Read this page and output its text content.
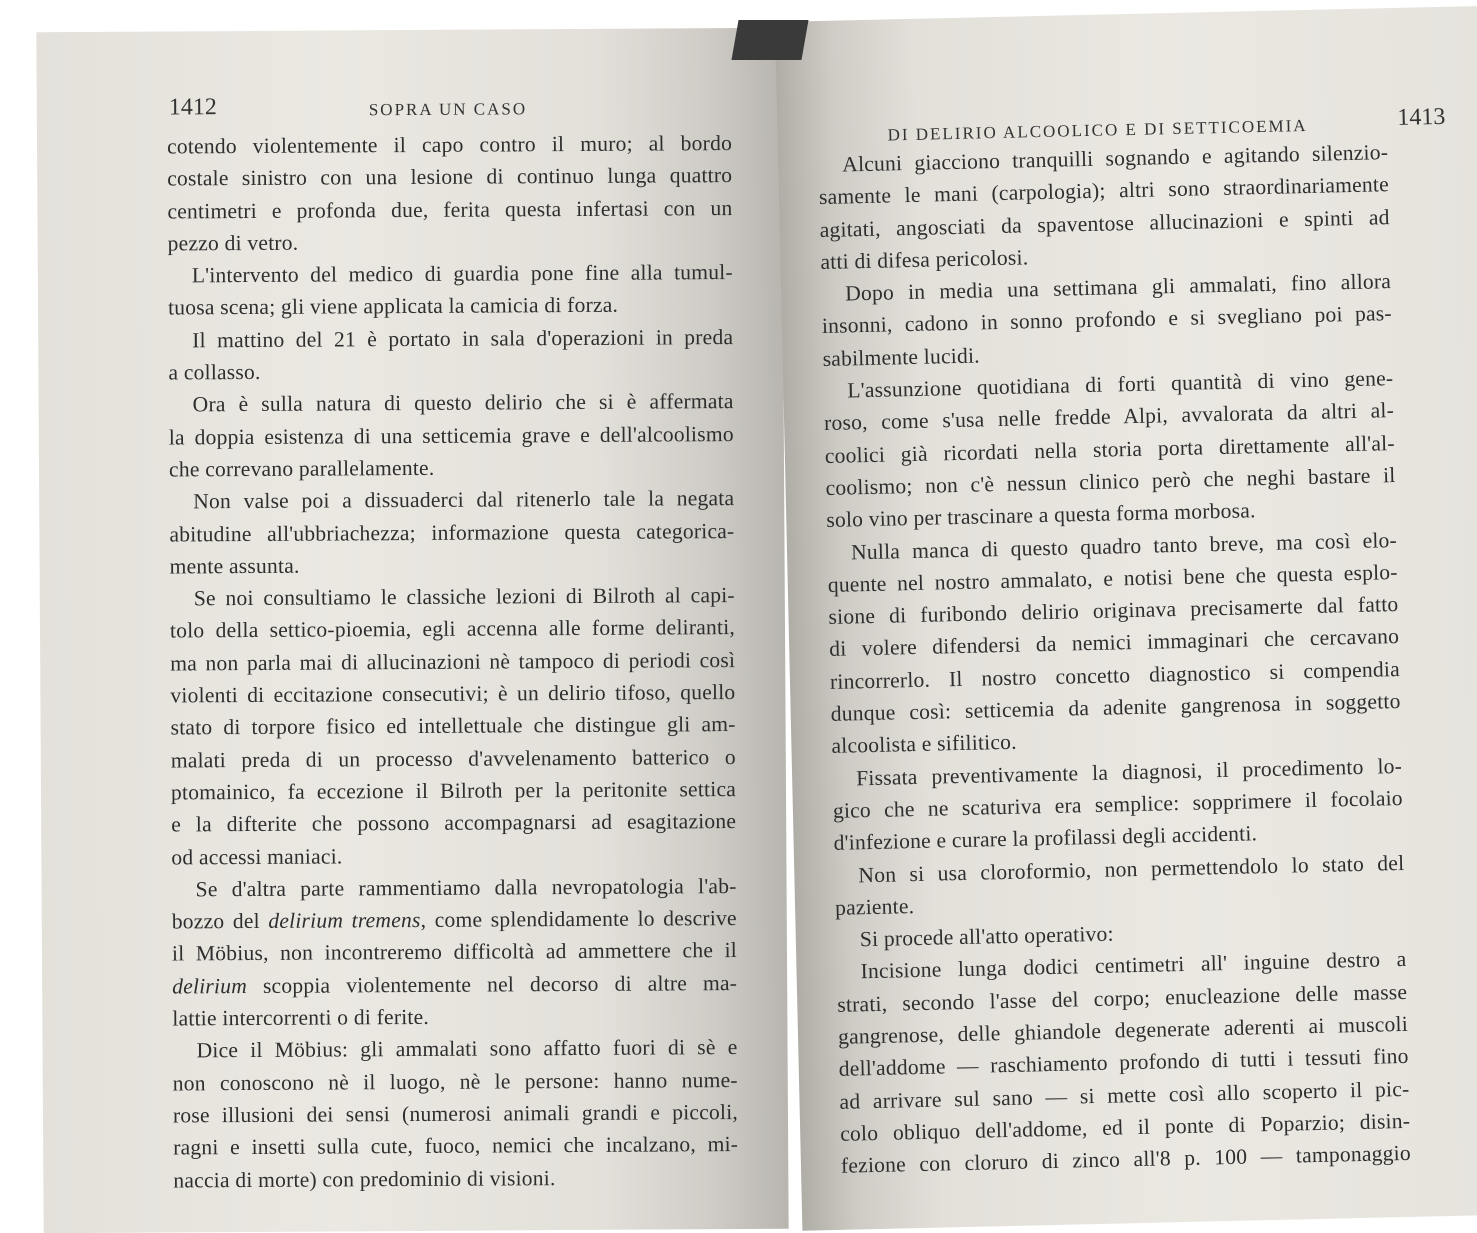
1412	SOPRA UN CASO
cotendo violentemente il capo contro il muro; al bordo
costale sinistro con una lesione di continuo lunga quattro
centimetri e profonda due, ferita questa infertasi con un
pezzo di vetro.
L'intervento del medico di guardia pone fine alla tumul-
tuosa scena; gli viene applicata la camicia di forza.
Il mattino del 21 è portato in sala d'operazioni in preda
a collasso.
Ora è sulla natura di questo delirio che si è affermata
la doppia esistenza di una setticemia grave e dell'alcoolismo
che correvano parallelamente.
Non valse poi a dissuaderci dal ritenerlo tale la negata
abitudine all'ubbriachezza; informazione questa categorica-
mente assunta.
Se noi consultiamo le classiche lezioni di Bilroth al capi-
tolo della settico-pioemia, egli accenna alle forme deliranti,
ma non parla mai di allucinazioni nè tampoco di periodi così
violenti di eccitazione consecutivi; è un delirio tifoso, quello
stato di torpore fisico ed intellettuale che distingue gli am-
malati preda di un processo d'avvelenamento batterico o
ptomainico, fa eccezione il Bilroth per la peritonite settica
e la difterite che possono accompagnarsi ad esagitazione
od accessi maniaci.
Se d'altra parte rammentiamo dalla nevropatologia l'ab-
bozzo del delirium tremens, come splendidamente lo descrive
il Möbius, non incontreremo difficoltà ad ammettere che il
delirium scoppia violentemente nel decorso di altre ma-
lattie intercorrenti o di ferite.
Dice il Möbius: gli ammalati sono affatto fuori di sè e
non conoscono nè il luogo, nè le persone: hanno nume-
rose illusioni dei sensi (numerosi animali grandi e piccoli,
ragni e insetti sulla cute, fuoco, nemici che incalzano, mi-
naccia di morte) con predominio di visioni.
DI DELIRIO ALCOOLICO E DI SETTICOEMIA	1413
Alcuni giacciono tranquilli sognando e agitando silenzio-
samente le mani (carpologia); altri sono straordinariamente
agitati, angosciati da spaventose allucinazioni e spinti ad
atti di difesa pericolosi.
Dopo in media una settimana gli ammalati, fino allora
insonni, cadono in sonno profondo e si svegliano poi pas-
sabilmente lucidi.
L'assunzione quotidiana di forti quantità di vino gene-
roso, come s'usa nelle fredde Alpi, avvalorata da altri al-
coolici già ricordati nella storia porta direttamente all'al-
coolismo; non c'è nessun clinico però che neghi bastare il
solo vino per trascinare a questa forma morbosa.
Nulla manca di questo quadro tanto breve, ma così elo-
quente nel nostro ammalato, e notisi bene che questa esplo-
sione di furibondo delirio originava precisamerte dal fatto
di volere difendersi da nemici immaginari che cercavano
rincorrerlo. Il nostro concetto diagnostico si compendia
dunque così: setticemia da adenite gangrenosa in soggetto
alcoolista e sifilitico.
Fissata preventivamente la diagnosi, il procedimento lo-
gico che ne scaturiva era semplice: sopprimere il focolaio
d'infezione e curare la profilassi degli accidenti.
Non si usa cloroformio, non permettendolo lo stato del
paziente.
Si procede all'atto operativo:
Incisione lunga dodici centimetri all' inguine destro a
strati, secondo l'asse del corpo; enucleazione delle masse
gangrenose, delle ghiandole degenerate aderenti ai muscoli
dell'addome — raschiamento profondo di tutti i tessuti fino
ad arrivare sul sano — si mette così allo scoperto il pic-
colo obliquo dell'addome, ed il ponte di Poparzio; disin-
fezione con cloruro di zinco all'8 p. 100 — tamponaggio
